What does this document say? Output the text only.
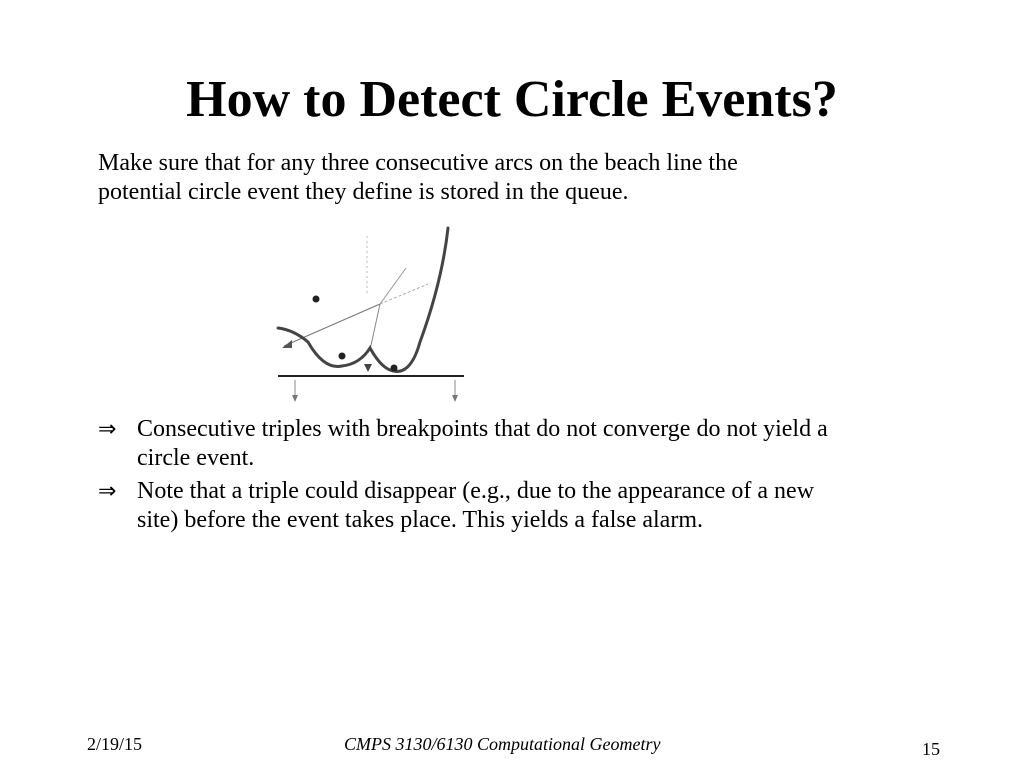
How to Detect Circle Events?
Make sure that for any three consecutive arcs on the beach line the
potential circle event they define is stored in the queue.
⇒ Consecutive triples with breakpoints that do not converge do not yield a
circle event.
⇒ Note that a triple could disappear (e.g., due to the appearance of a new
site) before the event takes place. This yields a false alarm.
2/19/15	CMPS 3130/6130 Computational Geometry	15
